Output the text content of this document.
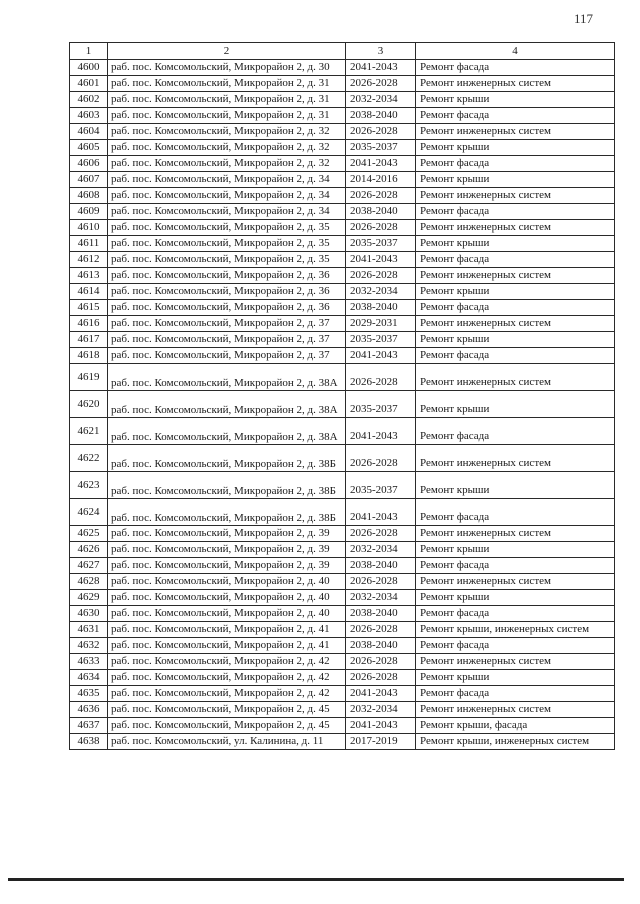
117
1	2	3	4
4600	раб. пос. Комсомольский, Микрорайон 2, д. 30	2041-2043	Ремонт фасада
4601	раб. пос. Комсомольский, Микрорайон 2, д. 31	2026-2028	Ремонт инженерных систем
4602	раб. пос. Комсомольский, Микрорайон 2, д. 31	2032-2034	Ремонт крыши
4603	раб. пос. Комсомольский, Микрорайон 2, д. 31	2038-2040	Ремонт фасада
4604	раб. пос. Комсомольский, Микрорайон 2, д. 32	2026-2028	Ремонт инженерных систем
4605	раб. пос. Комсомольский, Микрорайон 2, д. 32	2035-2037	Ремонт крыши
4606	раб. пос. Комсомольский, Микрорайон 2, д. 32	2041-2043	Ремонт фасада
4607	раб. пос. Комсомольский, Микрорайон 2, д. 34	2014-2016	Ремонт крыши
4608	раб. пос. Комсомольский, Микрорайон 2, д. 34	2026-2028	Ремонт инженерных систем
4609	раб. пос. Комсомольский, Микрорайон 2, д. 34	2038-2040	Ремонт фасада
4610	раб. пос. Комсомольский, Микрорайон 2, д. 35	2026-2028	Ремонт инженерных систем
4611	раб. пос. Комсомольский, Микрорайон 2, д. 35	2035-2037	Ремонт крыши
4612	раб. пос. Комсомольский, Микрорайон 2, д. 35	2041-2043	Ремонт фасада
4613	раб. пос. Комсомольский, Микрорайон 2, д. 36	2026-2028	Ремонт инженерных систем
4614	раб. пос. Комсомольский, Микрорайон 2, д. 36	2032-2034	Ремонт крыши
4615	раб. пос. Комсомольский, Микрорайон 2, д. 36	2038-2040	Ремонт фасада
4616	раб. пос. Комсомольский, Микрорайон 2, д. 37	2029-2031	Ремонт инженерных систем
4617	раб. пос. Комсомольский, Микрорайон 2, д. 37	2035-2037	Ремонт крыши
4618	раб. пос. Комсомольский, Микрорайон 2, д. 37	2041-2043	Ремонт фасада
4619	раб. пос. Комсомольский, Микрорайон 2, д. 38А	2026-2028	Ремонт инженерных систем
4620	раб. пос. Комсомольский, Микрорайон 2, д. 38А	2035-2037	Ремонт крыши
4621	раб. пос. Комсомольский, Микрорайон 2, д. 38А	2041-2043	Ремонт фасада
4622	раб. пос. Комсомольский, Микрорайон 2, д. 38Б	2026-2028	Ремонт инженерных систем
4623	раб. пос. Комсомольский, Микрорайон 2, д. 38Б	2035-2037	Ремонт крыши
4624	раб. пос. Комсомольский, Микрорайон 2, д. 38Б	2041-2043	Ремонт фасада
4625	раб. пос. Комсомольский, Микрорайон 2, д. 39	2026-2028	Ремонт инженерных систем
4626	раб. пос. Комсомольский, Микрорайон 2, д. 39	2032-2034	Ремонт крыши
4627	раб. пос. Комсомольский, Микрорайон 2, д. 39	2038-2040	Ремонт фасада
4628	раб. пос. Комсомольский, Микрорайон 2, д. 40	2026-2028	Ремонт инженерных систем
4629	раб. пос. Комсомольский, Микрорайон 2, д. 40	2032-2034	Ремонт крыши
4630	раб. пос. Комсомольский, Микрорайон 2, д. 40	2038-2040	Ремонт фасада
4631	раб. пос. Комсомольский, Микрорайон 2, д. 41	2026-2028	Ремонт крыши, инженерных систем
4632	раб. пос. Комсомольский, Микрорайон 2, д. 41	2038-2040	Ремонт фасада
4633	раб. пос. Комсомольский, Микрорайон 2, д. 42	2026-2028	Ремонт инженерных систем
4634	раб. пос. Комсомольский, Микрорайон 2, д. 42	2026-2028	Ремонт крыши
4635	раб. пос. Комсомольский, Микрорайон 2, д. 42	2041-2043	Ремонт фасада
4636	раб. пос. Комсомольский, Микрорайон 2, д. 45	2032-2034	Ремонт инженерных систем
4637	раб. пос. Комсомольский, Микрорайон 2, д. 45	2041-2043	Ремонт крыши, фасада
4638	раб. пос. Комсомольский, ул. Калинина, д. 11	2017-2019	Ремонт крыши, инженерных систем
